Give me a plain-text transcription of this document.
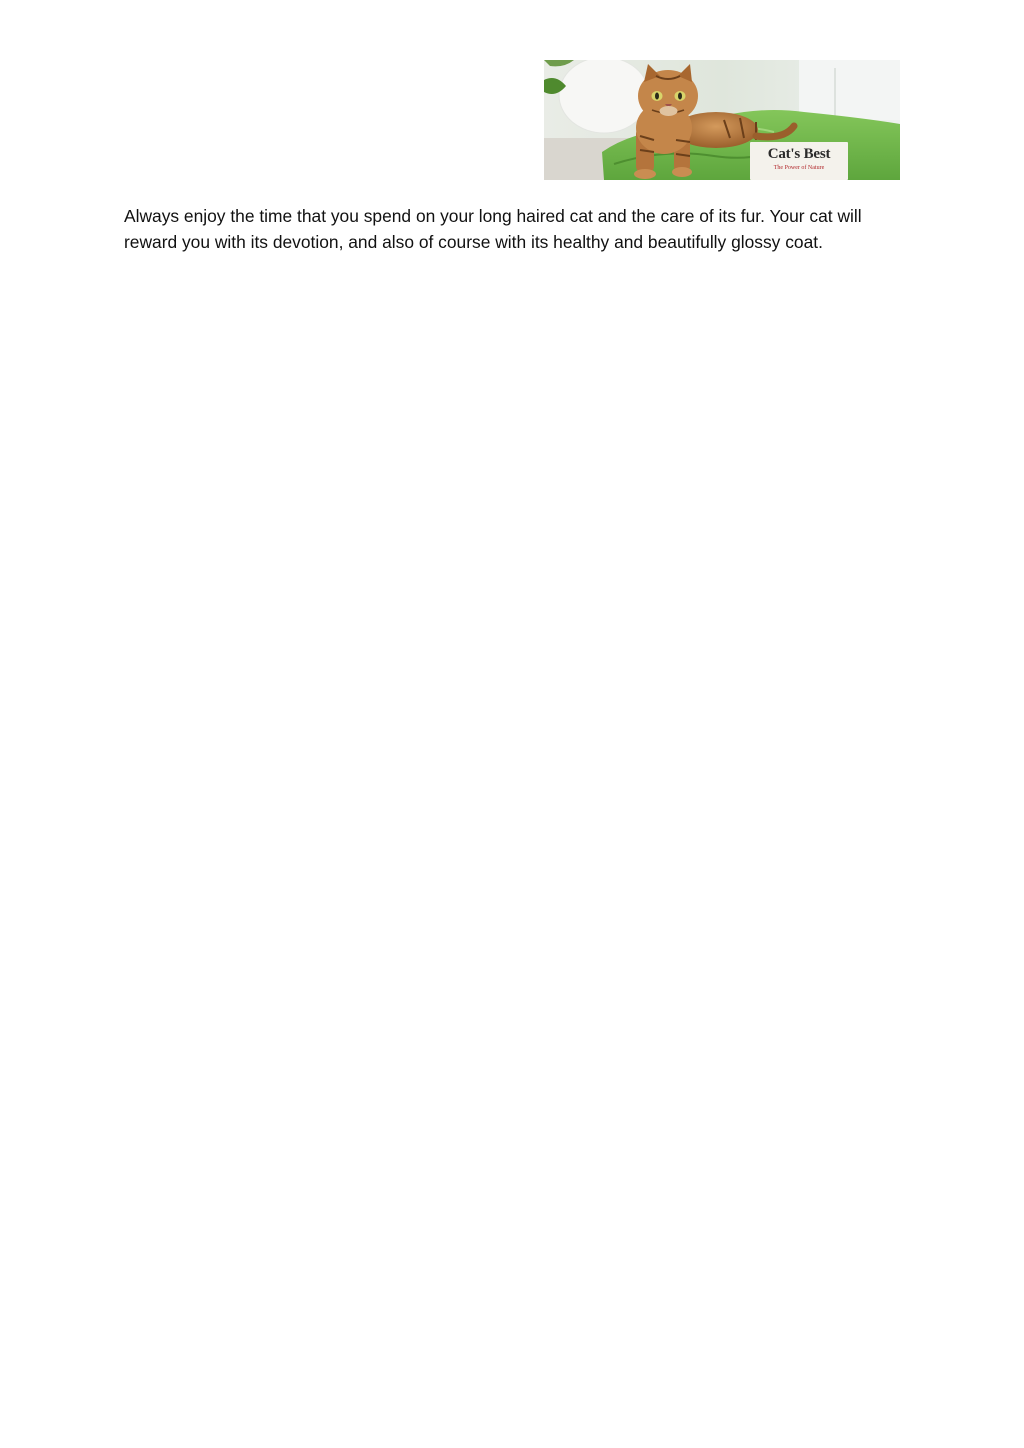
Cat's Best
The Power of Nature

Always enjoy the time that you spend on your long haired cat and the care of its fur. Your cat will reward you with its devotion, and also of course with its healthy and beautifully glossy coat.
